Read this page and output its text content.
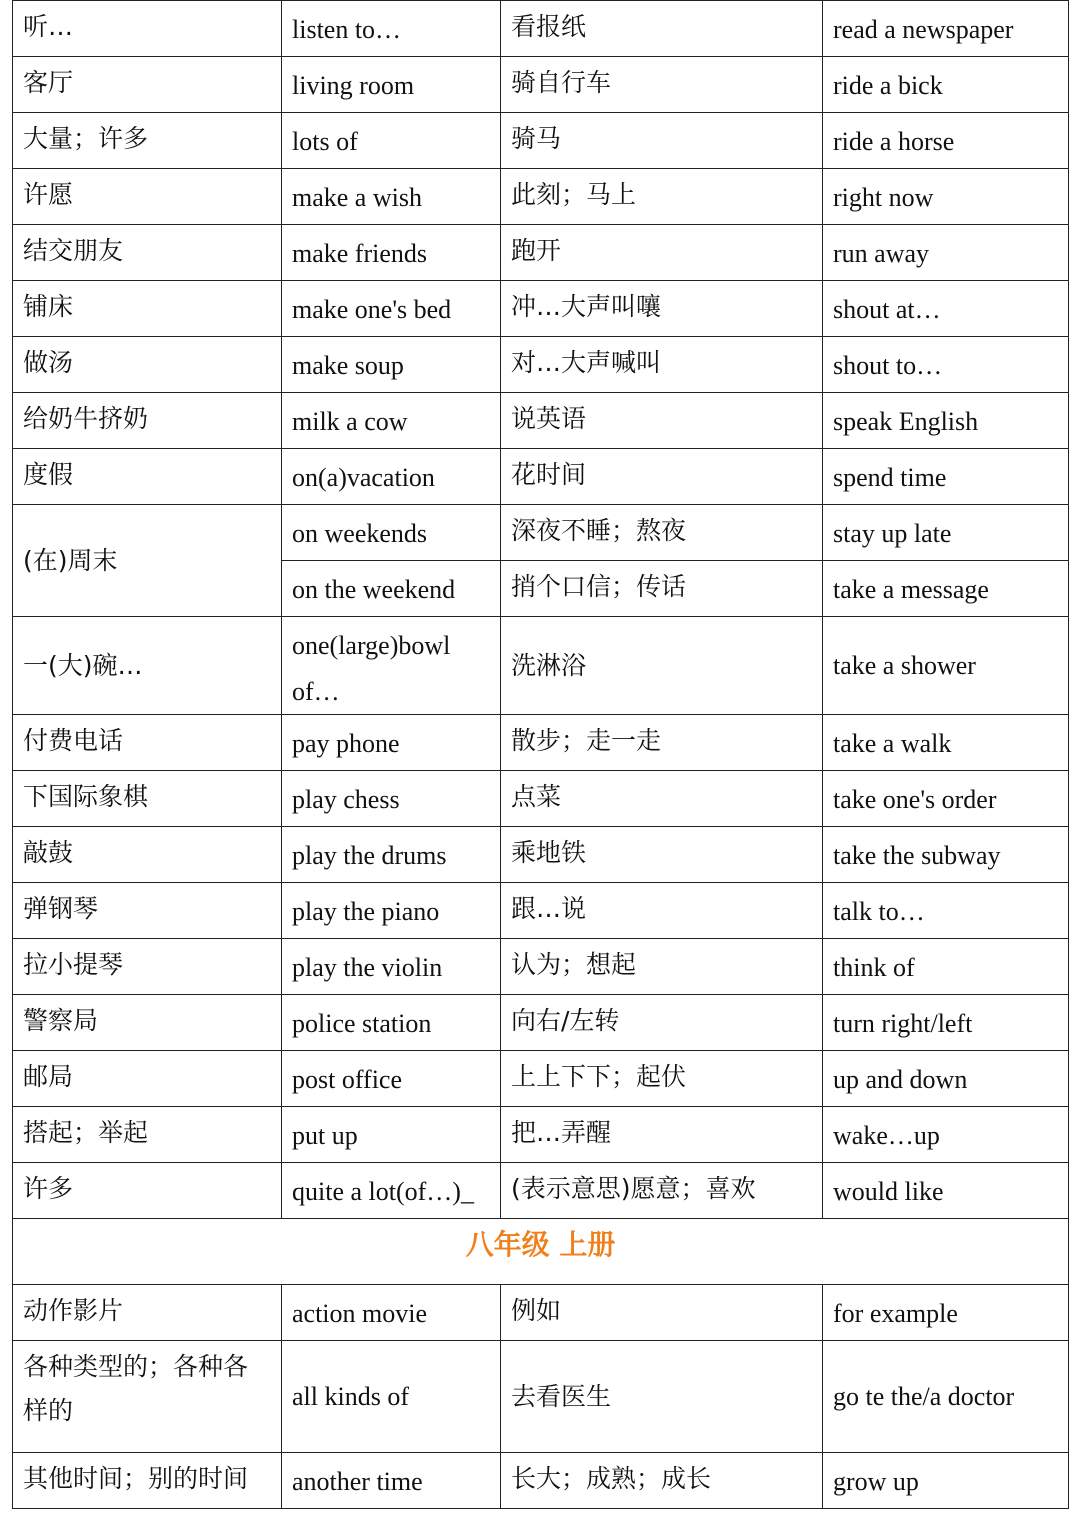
听…	listen to…	看报纸	read a newspaper
客厅	living room	骑自行车	ride a bick
大量；许多	lots of	骑马	ride a horse
许愿	make a wish	此刻；马上	right now
结交朋友	make friends	跑开	run away
铺床	make one's bed	冲…大声叫嚷	shout at…
做汤	make soup	对…大声喊叫	shout to…
给奶牛挤奶	milk a cow	说英语	speak English
度假	on(a)vacation	花时间	spend time
(在)周末	on weekends	深夜不睡；熬夜	stay up late
	on the weekend	捎个口信；传话	take a message
一(大)碗…	one(large)bowl of…	洗淋浴	take a shower
付费电话	pay phone	散步；走一走	take a walk
下国际象棋	play chess	点菜	take one's order
敲鼓	play the drums	乘地铁	take the subway
弹钢琴	play the piano	跟…说	talk to…
拉小提琴	play the violin	认为；想起	think of
警察局	police station	向右/左转	turn right/left
邮局	post office	上上下下；起伏	up and down
搭起；举起	put up	把…弄醒	wake…up
许多	quite a lot(of…)_	(表示意思)愿意；喜欢	would like
八年级 上册			
动作影片	action movie	例如	for example
各种类型的；各种各样的	all kinds of	去看医生	go te the/a doctor
其他时间；别的时间	another time	长大；成熟；成长	grow up
